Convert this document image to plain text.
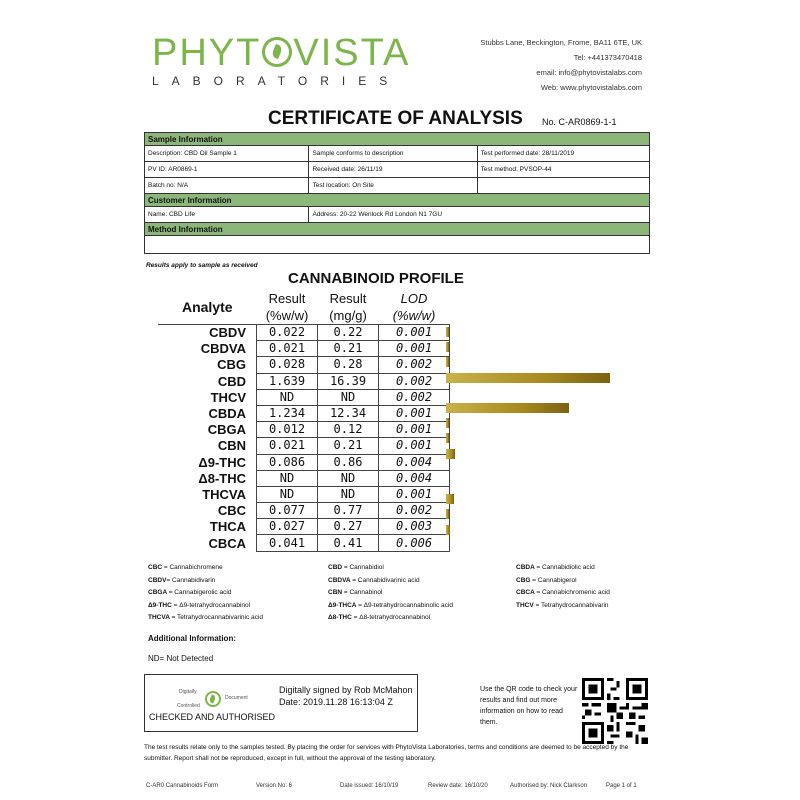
PHYT VISTA
LABORATORIES
Stubbs Lane, Beckington, Frome, BA11 6TE, UK
Tel: +441373470418
email: info@phytovistalabs.com
Web: www.phytovistalabs.com
CERTIFICATE OF ANALYSIS No. C-AR0869-1-1
Sample Information		
Description: CBD Oil Sample 1	Sample conforms to description	Test performed date: 28/11/2019
PV ID: AR0869-1	Received date: 26/11/19	Test method: PVSOP-44
Batch no: N/A	Test location: On Site	
Customer Information		
Name: CBD Life	Address: 20-22 Wenlock Rd London N1 7GU	
Method Information		

Results apply to sample as received
CANNABINOID PROFILE
Analyte	Result	Result	LOD
	(%w/w)	(mg/g)	(%w/w)
CBDV	0.022	0.22	0.001
CBDVA	0.021	0.21	0.001
CBG	0.028	0.28	0.002
CBD	1.639	16.39	0.002
THCV	ND	ND	0.002
CBDA	1.234	12.34	0.001
CBGA	0.012	0.12	0.001
CBN	0.021	0.21	0.001
Δ9-THC	0.086	0.86	0.004
Δ8-THC	ND	ND	0.004
THCVA	ND	ND	0.001
CBC	0.077	0.77	0.002
THCA	0.027	0.27	0.003
CBCA	0.041	0.41	0.006
CBC = Cannabichromene	CBD = Cannabidiol	CBDA = Cannabidiolic acid
CBDV= Cannabidivarin	CBDVA = Cannabidivarinic acid	CBG = Cannabigerol
CBGA = Cannabigerolic acid	CBN = Cannabinol	CBCA = Cannabichromenic acid
Δ9-THC = Δ9-tetrahydrocannabinol	Δ9-THCA = Δ9-tetrahydrocannabinolic acid	THCV = Tetrahydrocannabivarin
THCVA = Tetrahydrocannabivarinic acid	Δ8-THC = Δ8-tetrahydrocannabinol
Additional Information:
ND= Not Detected
Digitally
Controlled
Document
CHECKED AND AUTHORISED
Digitally signed by Rob McMahon
Date: 2019.11.28 16:13:04 Z
Use the QR code to check your results and find out more information on how to read them.
The test results relate only to the samples tested. By placing the order for services with PhytoVista Laboratories, terms and conditions are deemed to be accepted by the submitter. Report shall not be reproduced, except in full, without the approval of the testing laboratory.
C-AR0 Cannabinoids Form	Version No: 6	Date issued: 16/10/19	Review date: 16/10/20	Authorised by: Nick Clarkson	Page 1 of 1
